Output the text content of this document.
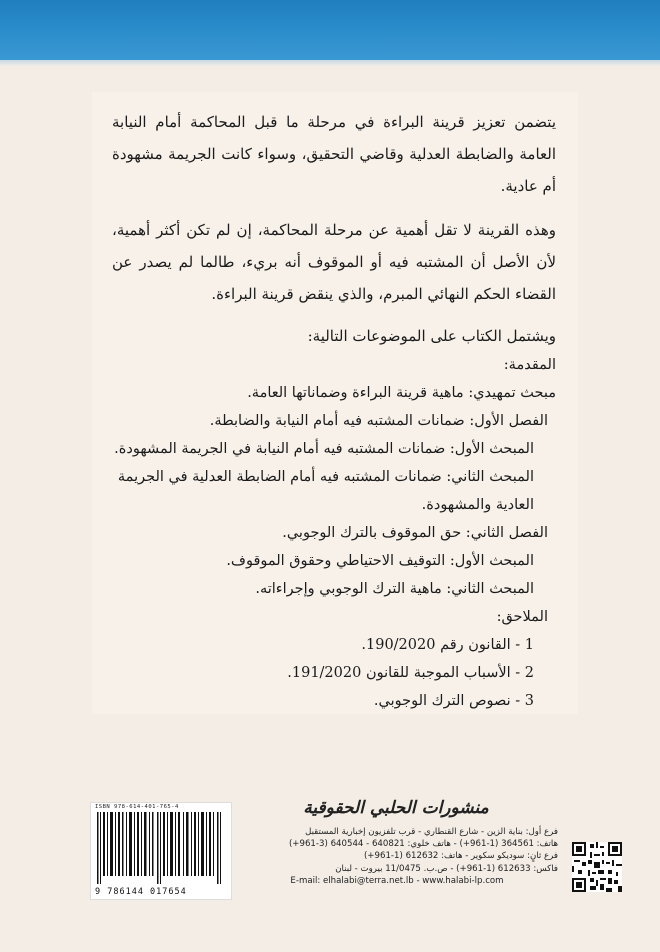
يتضمن تعزيز قرينة البراءة في مرحلة ما قبل المحاكمة أمام النيابة العامة والضابطة العدلية وقاضي التحقيق، وسواء كانت الجريمة مشهودة أم عادية.

وهذه القرينة لا تقل أهمية عن مرحلة المحاكمة، إن لم تكن أكثر أهمية، لأن الأصل أن المشتبه فيه أو الموقوف أنه بريء، طالما لم يصدر عن القضاء الحكم النهائي المبرم، والذي ينقض قرينة البراءة.

ويشتمل الكتاب على الموضوعات التالية:

المقدمة:

مبحث تمهيدي: ماهية قرينة البراءة وضماناتها العامة.

الفصل الأول: ضمانات المشتبه فيه أمام النيابة والضابطة.

المبحث الأول: ضمانات المشتبه فيه أمام النيابة في الجريمة المشهودة.

المبحث الثاني: ضمانات المشتبه فيه أمام الضابطة العدلية في الجريمة العادية والمشهودة.

الفصل الثاني: حق الموقوف بالترك الوجوبي.

المبحث الأول: التوقيف الاحتياطي وحقوق الموقوف.

المبحث الثاني: ماهية الترك الوجوبي وإجراءاته.

الملاحق:

1 - القانون رقم 190/2020.

2 - الأسباب الموجبة للقانون 191/2020.

3 - نصوص الترك الوجوبي.

ISBN 978-614-401-765-4
9 786144 017654
منشورات الحلبي الحقوقية
فرع أول: بناية الزين - شارع القنطاري - قرب تلفزيون إخبارية المستقبل
هاتف: 364561 (1-961+) - هاتف خلوي: 640821 - 640544 (3-961+)
فرع ثانٍ: سوديكو سكوير - هاتف: 612632 (1-961+)
فاكس: 612633 (1-961+) - ص.ب. 11/0475 بيروت - لبنان
E-mail: elhalabi@terra.net.lb - www.halabi-lp.com
